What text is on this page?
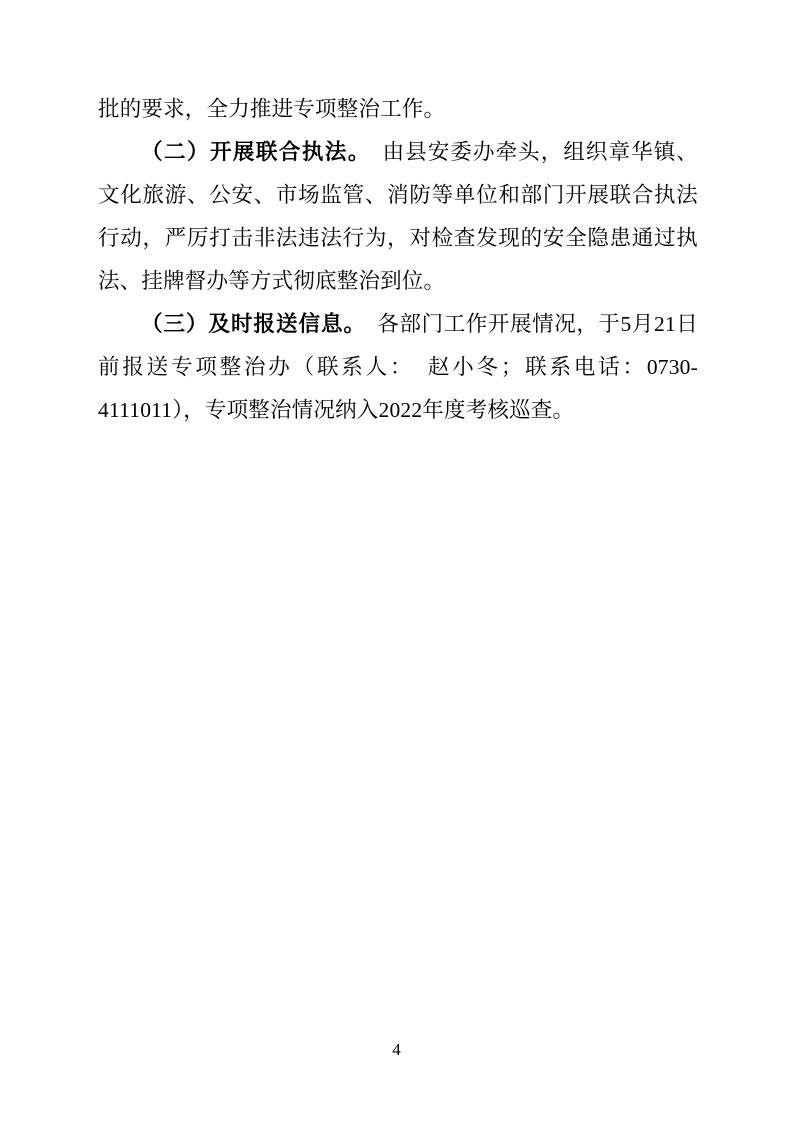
批的要求，全力推进专项整治工作。

（二）开展联合执法。　由县安委办牵头，组织章华镇、文化旅游、公安、市场监管、消防等单位和部门开展联合执法行动，严厉打击非法违法行为，对检查发现的安全隐患通过执法、挂牌督办等方式彻底整治到位。

（三）及时报送信息。　各部门工作开展情况，于5月21日前报送专项整治办（联系人：　赵小冬；联系电话：0730-4111011），专项整治情况纳入2022年度考核巡查。

4
